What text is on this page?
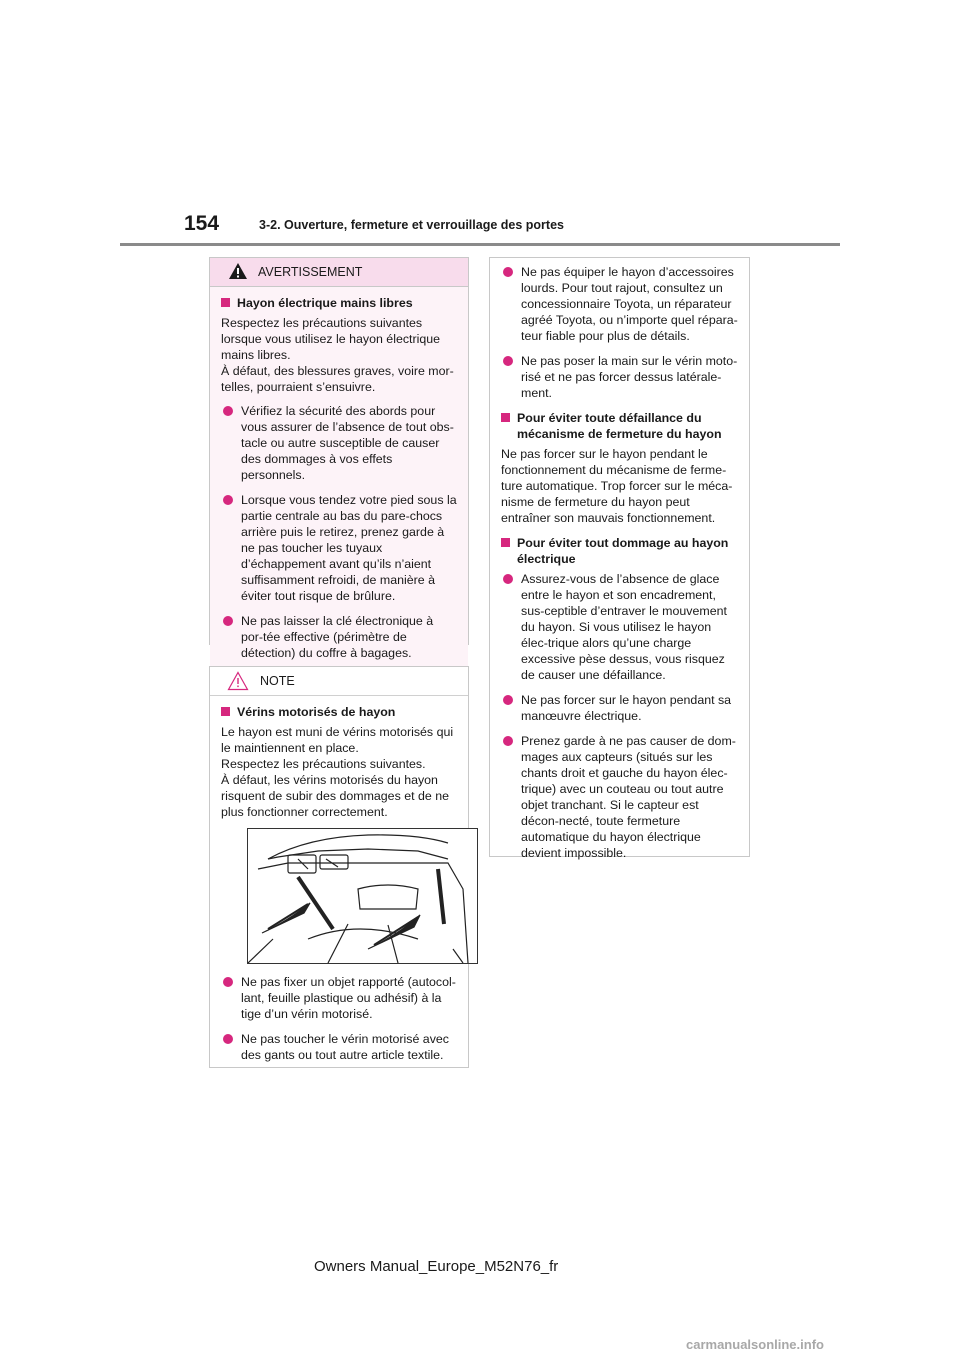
154	3-2. Ouverture, fermeture et verrouillage des portes
AVERTISSEMENT
Hayon électrique mains libres
Respectez les précautions suivantes lorsque vous utilisez le hayon électrique mains libres.
À défaut, des blessures graves, voire mor-telles, pourraient s’ensuivre.
Vérifiez la sécurité des abords pour vous assurer de l’absence de tout obs-tacle ou autre susceptible de causer des dommages à vos effets personnels.
Lorsque vous tendez votre pied sous la partie centrale au bas du pare-chocs arrière puis le retirez, prenez garde à ne pas toucher les tuyaux d’échappement avant qu’ils n’aient suffisamment refroidi, de manière à éviter tout risque de brûlure.
Ne pas laisser la clé électronique à por-tée effective (périmètre de détection) du coffre à bagages.
NOTE
Vérins motorisés de hayon
Le hayon est muni de vérins motorisés qui le maintiennent en place.
Respectez les précautions suivantes.
À défaut, les vérins motorisés du hayon risquent de subir des dommages et de ne plus fonctionner correctement.
Ne pas fixer un objet rapporté (autocol-lant, feuille plastique ou adhésif) à la tige d’un vérin motorisé.
Ne pas toucher le vérin motorisé avec des gants ou tout autre article textile.
Ne pas équiper le hayon d’accessoires lourds. Pour tout rajout, consultez un concessionnaire Toyota, un réparateur agréé Toyota, ou n’importe quel répara-teur fiable pour plus de détails.
Ne pas poser la main sur le vérin moto-risé et ne pas forcer dessus latérale-ment.
Pour éviter toute défaillance du mécanisme de fermeture du hayon
Ne pas forcer sur le hayon pendant le fonctionnement du mécanisme de ferme-ture automatique. Trop forcer sur le méca-nisme de fermeture du hayon peut entraîner son mauvais fonctionnement.
Pour éviter tout dommage au hayon électrique
Assurez-vous de l’absence de glace entre le hayon et son encadrement, sus-ceptible d’entraver le mouvement du hayon. Si vous utilisez le hayon élec-trique alors qu’une charge excessive pèse dessus, vous risquez de causer une défaillance.
Ne pas forcer sur le hayon pendant sa manœuvre électrique.
Prenez garde à ne pas causer de dom-mages aux capteurs (situés sur les chants droit et gauche du hayon élec-trique) avec un couteau ou tout autre objet tranchant. Si le capteur est décon-necté, toute fermeture automatique du hayon électrique devient impossible.
Owners Manual_Europe_M52N76_fr
carmanualsonline.info
